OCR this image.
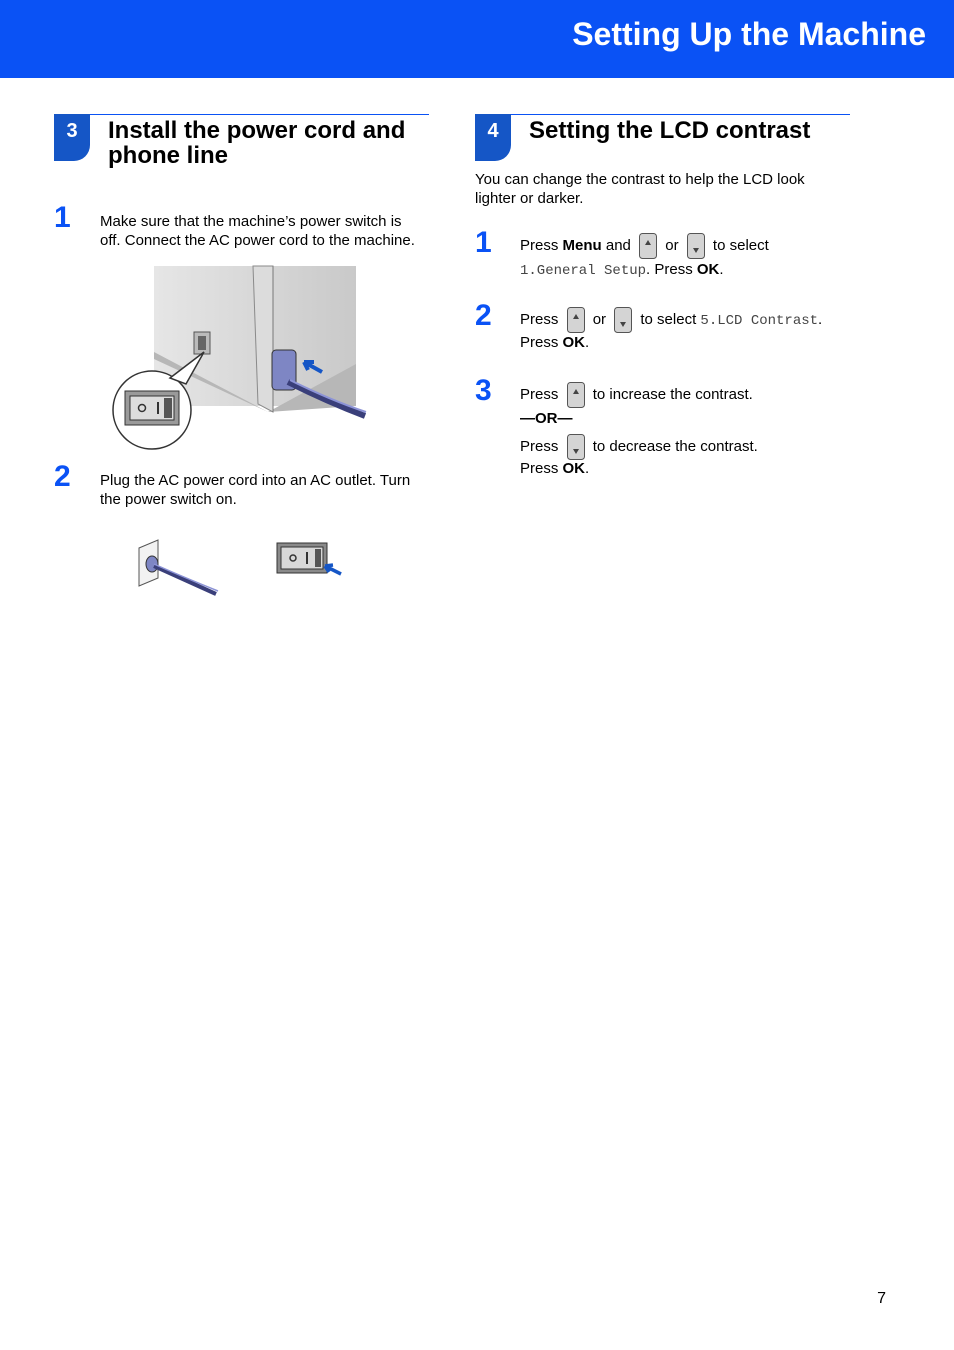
Setting Up the Machine
3	Install the power cord and
phone line
1 Make sure that the machine’s power switch is
off. Connect the AC power cord to the machine.
2 Plug the AC power cord into an AC outlet. Turn
the power switch on.
4	Setting the LCD contrast
You can change the contrast to help the LCD look
lighter or darker.
1 Press Menu and or to select
1.General Setup. Press OK.
2 Press or to select 5.LCD Contrast.
Press OK.
3 Press to increase the contrast.
—OR—
Press to decrease the contrast.
Press OK.
7
